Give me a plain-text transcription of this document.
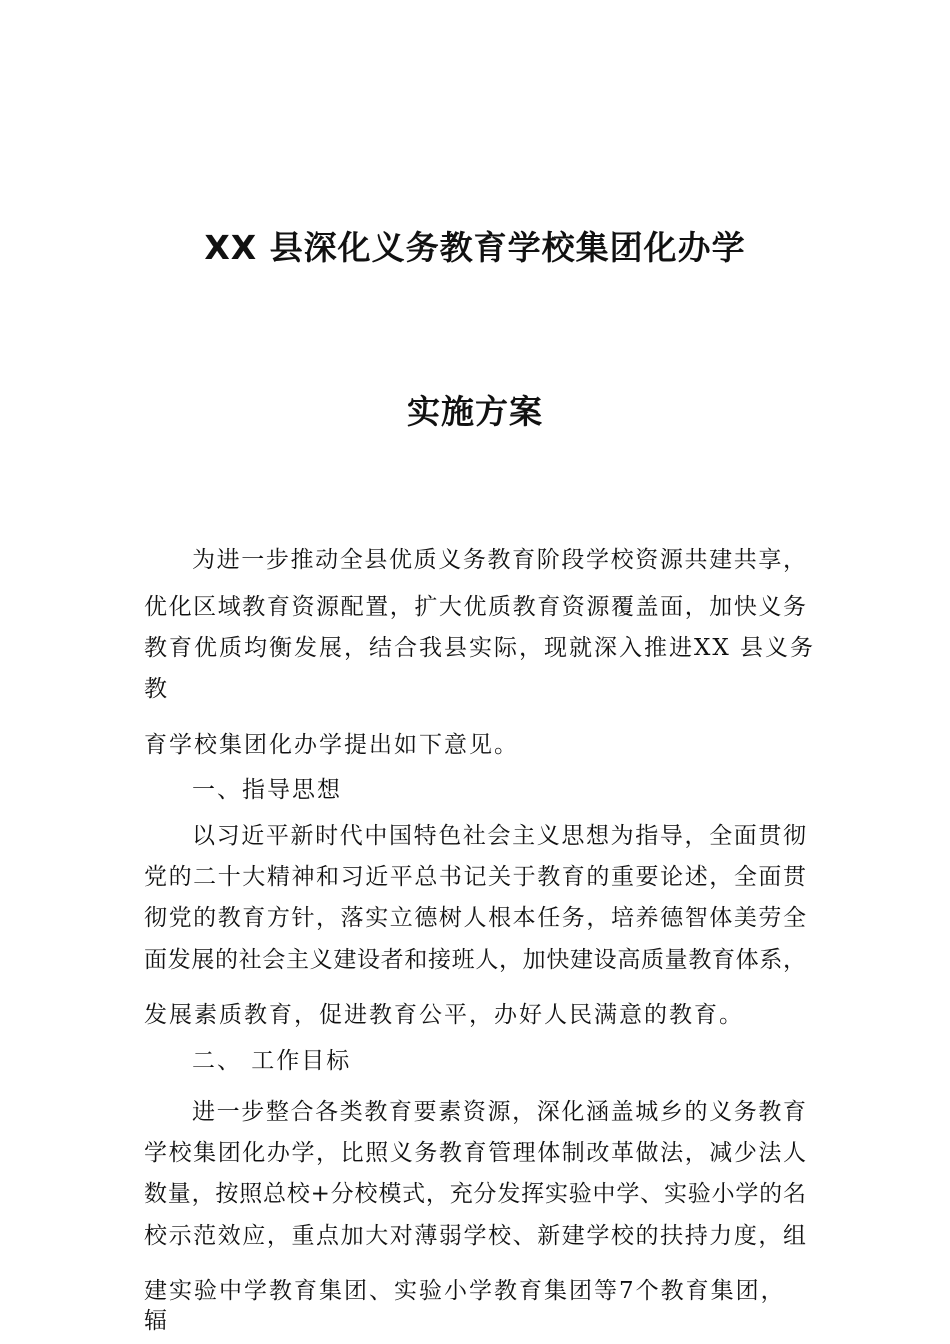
XX 县深化义务教育学校集团化办学
实施方案
为进一步推动全县优质义务教育阶段学校资源共建共享，
优化区域教育资源配置，扩大优质教育资源覆盖面，加快义务
教育优质均衡发展，结合我县实际，现就深入推进XX 县义务
教
育学校集团化办学提出如下意见。
一、指导思想
以习近平新时代中国特色社会主义思想为指导，全面贯彻
党的二十大精神和习近平总书记关于教育的重要论述，全面贯
彻党的教育方针，落实立德树人根本任务，培养德智体美劳全
面发展的社会主义建设者和接班人，加快建设高质量教育体系，
发展素质教育，促进教育公平，办好人民满意的教育。
二、 工作目标
进一步整合各类教育要素资源，深化涵盖城乡的义务教育
学校集团化办学，比照义务教育管理体制改革做法，减少法人
数量，按照总校+分校模式，充分发挥实验中学、实验小学的名
校示范效应，重点加大对薄弱学校、新建学校的扶持力度，组
建实验中学教育集团、实验小学教育集团等7个教育集团，
辐
